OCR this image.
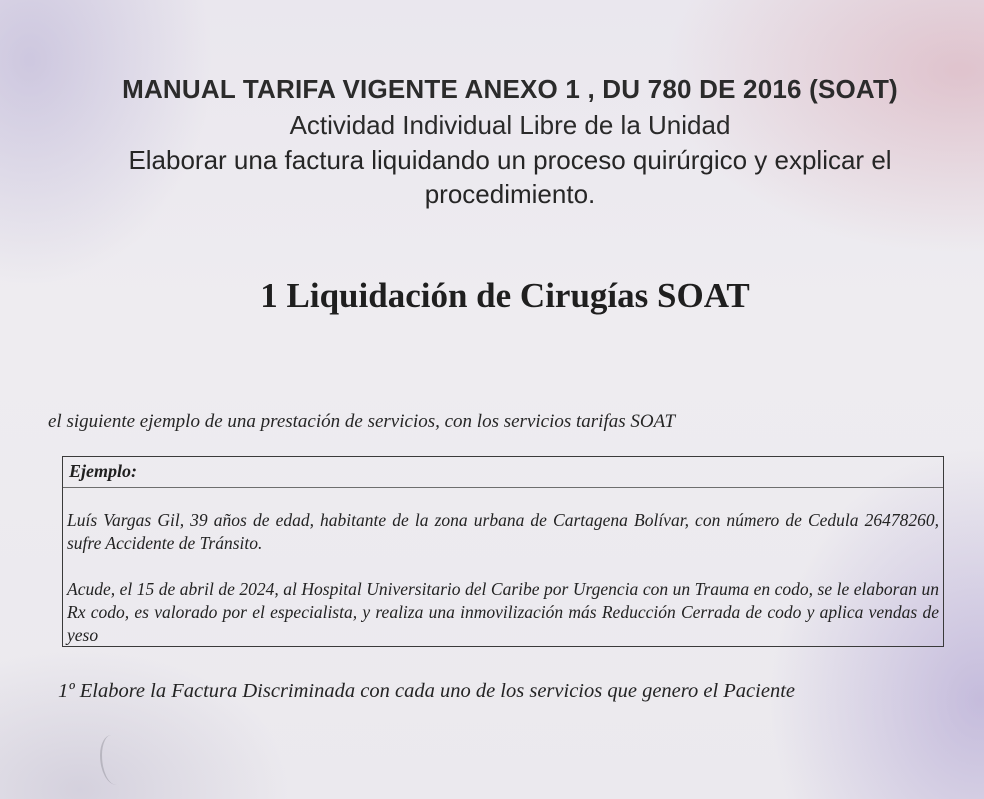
MANUAL TARIFA VIGENTE ANEXO 1 , DU 780 DE 2016 (SOAT)
Actividad Individual Libre de la Unidad
Elaborar una factura liquidando un proceso quirúrgico y explicar el procedimiento.
1 Liquidación de Cirugías SOAT
el siguiente ejemplo de una prestación de servicios, con los servicios tarifas SOAT
Ejemplo:
Luís Vargas Gil, 39 años de edad, habitante de la zona urbana de Cartagena Bolívar, con número de Cedula 26478260, sufre Accidente de Tránsito.
Acude, el 15 de abril de 2024, al Hospital Universitario del Caribe por Urgencia con un Trauma en codo, se le elaboran un Rx codo, es valorado por el especialista, y realiza una inmovilización más Reducción Cerrada de codo y aplica vendas de yeso
1º Elabore la Factura Discriminada con cada uno de los servicios que genero el Paciente
